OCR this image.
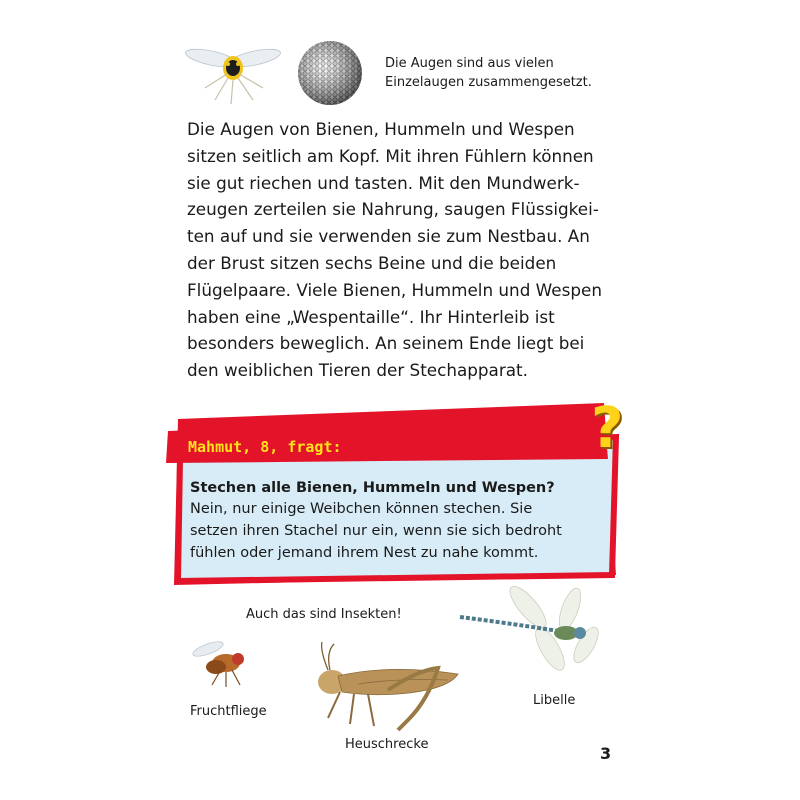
Die Augen sind aus vielen
Einzelaugen zusammengesetzt.
Die Augen von Bienen, Hummeln und Wespen
sitzen seitlich am Kopf. Mit ihren Fühlern können
sie gut riechen und tasten. Mit den Mundwerk-
zeugen zerteilen sie Nahrung, saugen Flüssigkei-
ten auf und sie verwenden sie zum Nestbau. An
der Brust sitzen sechs Beine und die beiden
Flügelpaare. Viele Bienen, Hummeln und Wespen
haben eine „Wespentaille“. Ihr Hinterleib ist
besonders beweglich. An seinem Ende liegt bei
den weiblichen Tieren der Stechapparat.
Mahmut, 8, fragt:	?
Stechen alle Bienen, Hummeln und Wespen?
Nein, nur einige Weibchen können stechen. Sie
setzen ihren Stachel nur ein, wenn sie sich bedroht
fühlen oder jemand ihrem Nest zu nahe kommt.
Auch das sind Insekten!
Fruchtfliege
Heuschrecke
Libelle
3
